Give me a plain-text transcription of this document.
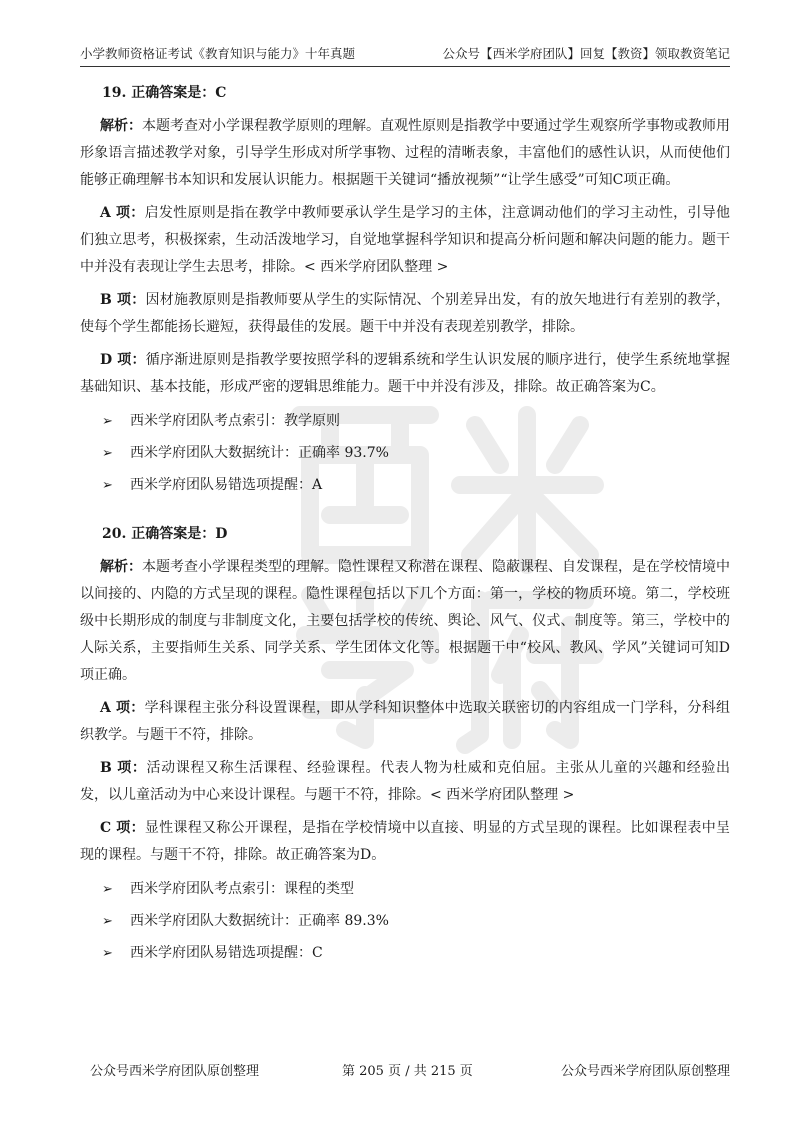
小学教师资格证考试《教育知识与能力》十年真题	公众号【西米学府团队】回复【教资】领取教资笔记
19. 正确答案是：C

解析：本题考查对小学课程教学原则的理解。直观性原则是指教学中要通过学生观察所学事物或教师用形象语言描述教学对象，引导学生形成对所学事物、过程的清晰表象，丰富他们的感性认识，从而使他们能够正确理解书本知识和发展认识能力。根据题干关键词“播放视频”“让学生感受”可知C项正确。

A 项：启发性原则是指在教学中教师要承认学生是学习的主体，注意调动他们的学习主动性，引导他们独立思考，积极探索，生动活泼地学习，自觉地掌握科学知识和提高分析问题和解决问题的能力。题干中并没有表现让学生去思考，排除。< 西米学府团队整理 >

B 项：因材施教原则是指教师要从学生的实际情况、个别差异出发，有的放矢地进行有差别的教学，使每个学生都能扬长避短，获得最佳的发展。题干中并没有表现差别教学，排除。

D 项：循序渐进原则是指教学要按照学科的逻辑系统和学生认识发展的顺序进行，使学生系统地掌握基础知识、基本技能，形成严密的逻辑思维能力。题干中并没有涉及，排除。故正确答案为C。

➢	西米学府团队考点索引：教学原则
➢	西米学府团队大数据统计：正确率 93.7%
➢	西米学府团队易错选项提醒：A
20. 正确答案是：D

解析：本题考查小学课程类型的理解。隐性课程又称潜在课程、隐蔽课程、自发课程，是在学校情境中以间接的、内隐的方式呈现的课程。隐性课程包括以下几个方面：第一，学校的物质环境。第二，学校班级中长期形成的制度与非制度文化，主要包括学校的传统、舆论、风气、仪式、制度等。第三，学校中的人际关系，主要指师生关系、同学关系、学生团体文化等。根据题干中“校风、教风、学风”关键词可知D项正确。

A 项：学科课程主张分科设置课程，即从学科知识整体中选取关联密切的内容组成一门学科，分科组织教学。与题干不符，排除。

B 项：活动课程又称生活课程、经验课程。代表人物为杜威和克伯屈。主张从儿童的兴趣和经验出发，以儿童活动为中心来设计课程。与题干不符，排除。< 西米学府团队整理 >

C 项：显性课程又称公开课程，是指在学校情境中以直接、明显的方式呈现的课程。比如课程表中呈现的课程。与题干不符，排除。故正确答案为D。

➢	西米学府团队考点索引：课程的类型
➢	西米学府团队大数据统计：正确率 89.3%
➢	西米学府团队易错选项提醒：C
公众号西米学府团队原创整理	第 205 页 / 共 215 页	公众号西米学府团队原创整理
